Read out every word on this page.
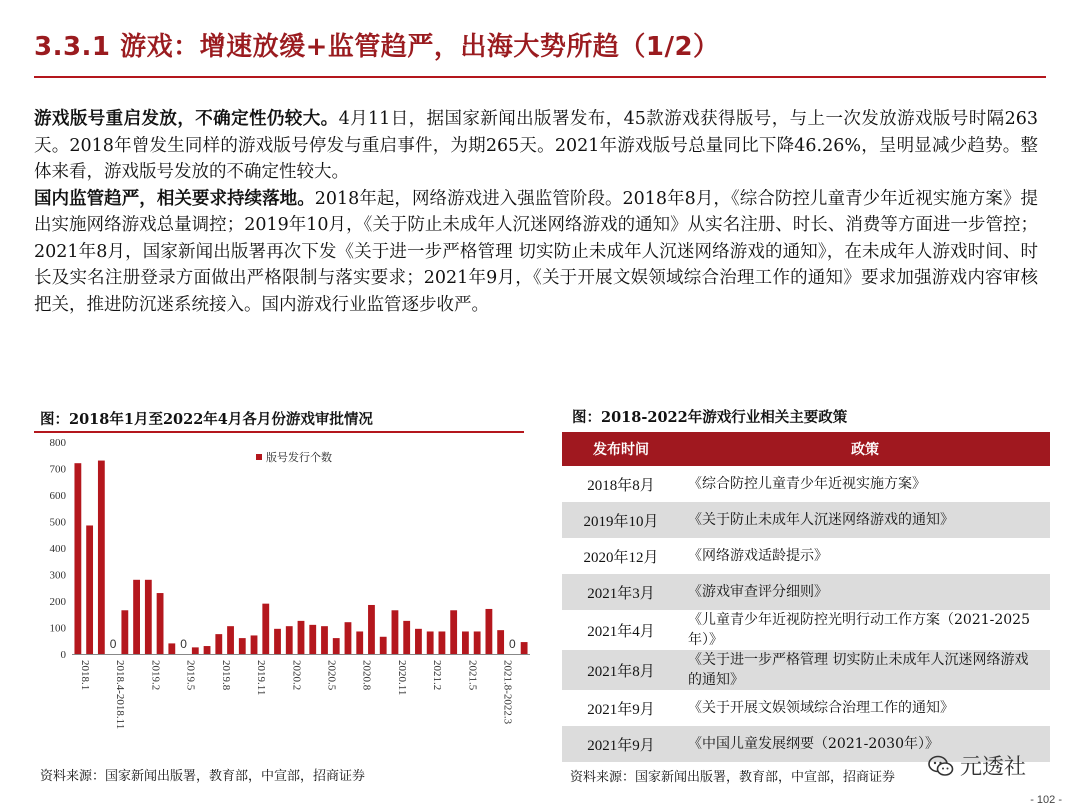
3.3.1 游戏：增速放缓+监管趋严，出海大势所趋（1/2）

游戏版号重启发放，不确定性仍较大。4月11日，据国家新闻出版署发布，45款游戏获得版号，与上一次发放游戏版号时隔263天。2018年曾发生同样的游戏版号停发与重启事件，为期265天。2021年游戏版号总量同比下降46.26%，呈明显减少趋势。整体来看，游戏版号发放的不确定性较大。

国内监管趋严，相关要求持续落地。2018年起，网络游戏进入强监管阶段。2018年8月，《综合防控儿童青少年近视实施方案》提出实施网络游戏总量调控；2019年10月，《关于防止未成年人沉迷网络游戏的通知》从实名注册、时长、消费等方面进一步管控；2021年8月，国家新闻出版署再次下发《关于进一步严格管理 切实防止未成年人沉迷网络游戏的通知》，在未成年人游戏时间、时长及实名注册登录方面做出严格限制与落实要求；2021年9月，《关于开展文娱领域综合治理工作的通知》要求加强游戏内容审核把关，推进防沉迷系统接入。国内游戏行业监管逐步收严。

图：2018年1月至2022年4月各月份游戏审批情况
0
100
200
300
400
500
600
700
800
0	0	0
2018.1 2018.4-2018.11 2019.2 2019.5 2019.8 2019.11 2020.2 2020.5 2020.8 2020.11 2021.2 2021.5 2021.8-2022.3
版号发行个数
资料来源：国家新闻出版署，教育部，中宣部，招商证券
图：2018-2022年游戏行业相关主要政策
发布时间	政策
2018年8月	《综合防控儿童青少年近视实施方案》
2019年10月	《关于防止未成年人沉迷网络游戏的通知》
2020年12月	《网络游戏适龄提示》
2021年3月	《游戏审查评分细则》
2021年4月	《儿童青少年近视防控光明行动工作方案（2021-2025年）》
2021年8月	《关于进一步严格管理 切实防止未成年人沉迷网络游戏的通知》
2021年9月	《关于开展文娱领域综合治理工作的通知》
2021年9月	《中国儿童发展纲要（2021-2030年）》
资料来源：国家新闻出版署，教育部，中宣部，招商证券	元透社
- 102 -
